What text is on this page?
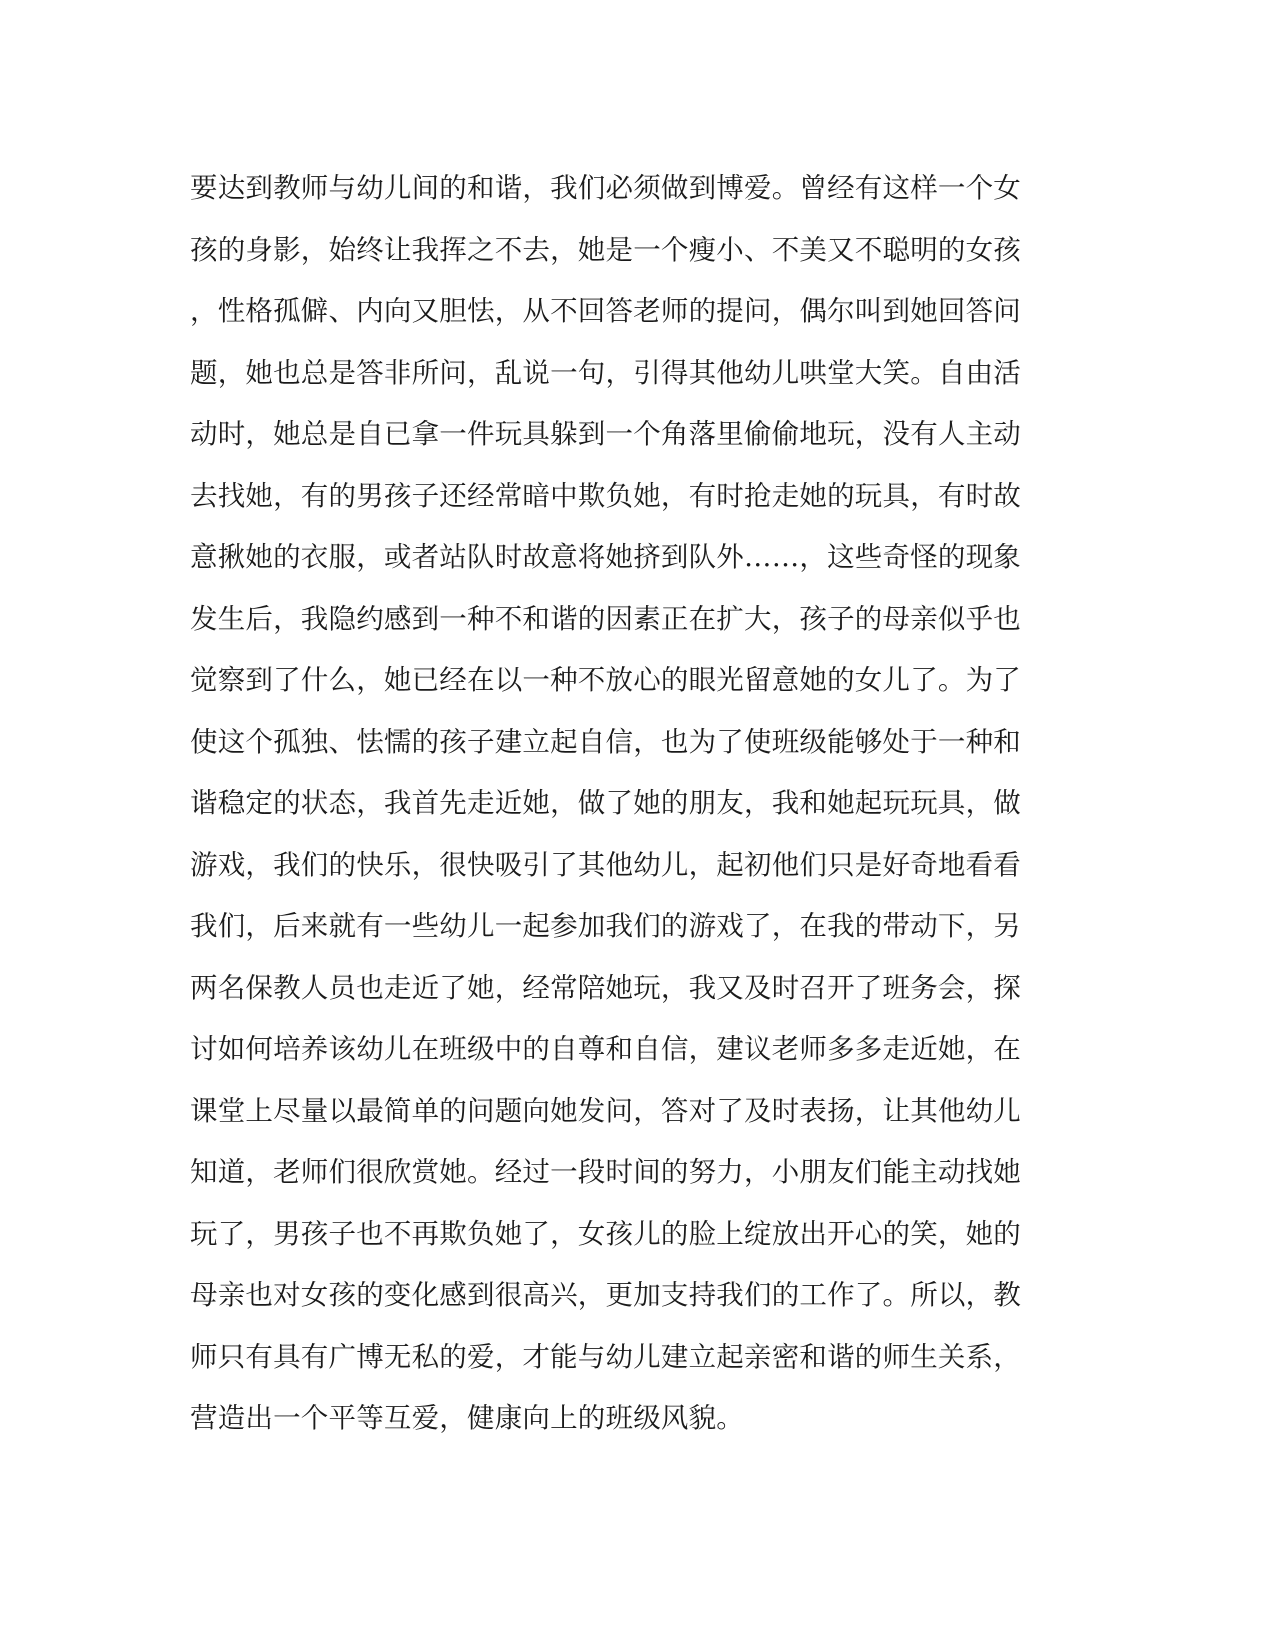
要达到教师与幼儿间的和谐，我们必须做到博爱。曾经有这样一个女
孩的身影，始终让我挥之不去，她是一个瘦小、不美又不聪明的女孩
，性格孤僻、内向又胆怯，从不回答老师的提问，偶尔叫到她回答问
题，她也总是答非所问，乱说一句，引得其他幼儿哄堂大笑。自由活
动时，她总是自已拿一件玩具躲到一个角落里偷偷地玩，没有人主动
去找她，有的男孩子还经常暗中欺负她，有时抢走她的玩具，有时故
意揪她的衣服，或者站队时故意将她挤到队外……，这些奇怪的现象
发生后，我隐约感到一种不和谐的因素正在扩大，孩子的母亲似乎也
觉察到了什么，她已经在以一种不放心的眼光留意她的女儿了。为了
使这个孤独、怯懦的孩子建立起自信，也为了使班级能够处于一种和
谐稳定的状态，我首先走近她，做了她的朋友，我和她起玩玩具，做
游戏，我们的快乐，很快吸引了其他幼儿，起初他们只是好奇地看看
我们，后来就有一些幼儿一起参加我们的游戏了，在我的带动下，另
两名保教人员也走近了她，经常陪她玩，我又及时召开了班务会，探
讨如何培养该幼儿在班级中的自尊和自信，建议老师多多走近她，在
课堂上尽量以最简单的问题向她发问，答对了及时表扬，让其他幼儿
知道，老师们很欣赏她。经过一段时间的努力，小朋友们能主动找她
玩了，男孩子也不再欺负她了，女孩儿的脸上绽放出开心的笑，她的
母亲也对女孩的变化感到很高兴，更加支持我们的工作了。所以，教
师只有具有广博无私的爱，才能与幼儿建立起亲密和谐的师生关系，
营造出一个平等互爱，健康向上的班级风貌。
